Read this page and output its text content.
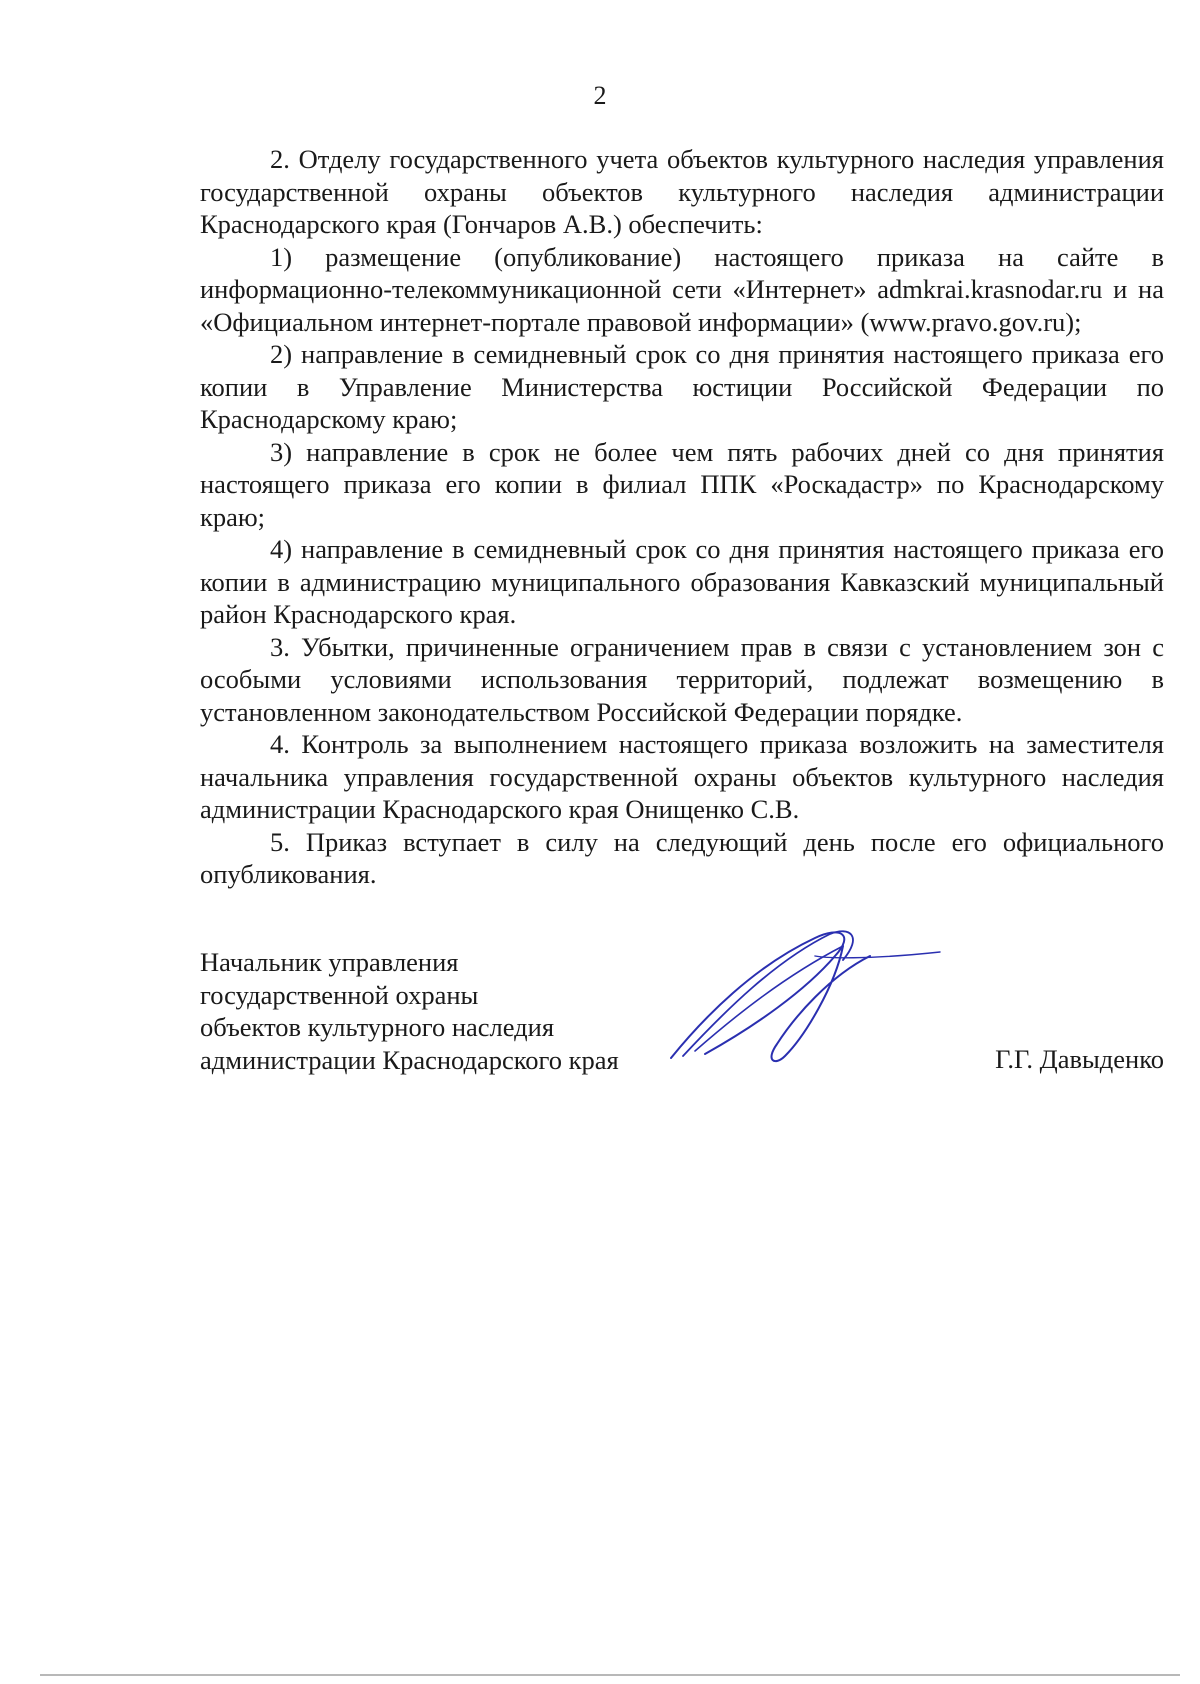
2

2. Отделу государственного учета объектов культурного наследия управления государственной охраны объектов культурного наследия администрации Краснодарского края (Гончаров А.В.) обеспечить:

1) размещение (опубликование) настоящего приказа на сайте в информационно-телекоммуникационной сети «Интернет» admkrai.krasnodar.ru и на «Официальном интернет-портале правовой информации» (www.pravo.gov.ru);

2) направление в семидневный срок со дня принятия настоящего приказа его копии в Управление Министерства юстиции Российской Федерации по Краснодарскому краю;

3) направление в срок не более чем пять рабочих дней со дня принятия настоящего приказа его копии в филиал ППК «Роскадастр» по Краснодарскому краю;

4) направление в семидневный срок со дня принятия настоящего приказа его копии в администрацию муниципального образования Кавказский муниципальный район Краснодарского края.

3. Убытки, причиненные ограничением прав в связи с установлением зон с особыми условиями использования территорий, подлежат возмещению в установленном законодательством Российской Федерации порядке.

4. Контроль за выполнением настоящего приказа возложить на заместителя начальника управления государственной охраны объектов культурного наследия администрации Краснодарского края Онищенко С.В.

5. Приказ вступает в силу на следующий день после его официального опубликования.

Начальник управления
государственной охраны
объектов культурного наследия
администрации Краснодарского края	Г.Г. Давыденко
